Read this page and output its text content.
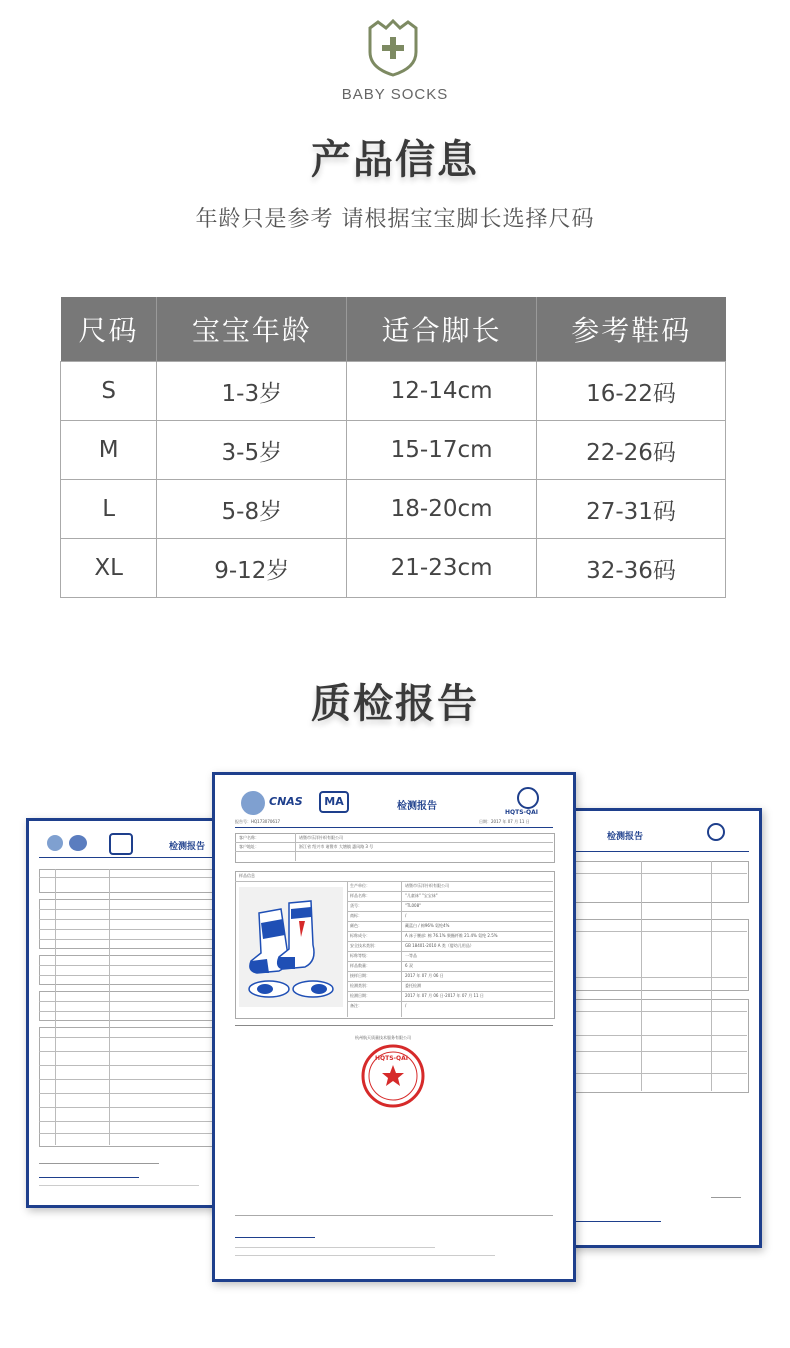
BABY SOCKS
产品信息
年龄只是参考 请根据宝宝脚长选择尺码
尺码	宝宝年龄	适合脚长	参考鞋码
S	1-3岁	12-14cm	16-22码
M	3-5岁	15-17cm	22-26码
L	5-8岁	18-20cm	27-31码
XL	9-12岁	21-23cm	32-36码
质检报告
检测报告
检测报告
CNAS	MA	检测报告
HQTS-QAI
报告号：HQ173070617	日期：2017 年 07 月 11 日
客户名称：	诸暨市乐洋针织有限公司
客户地址：	浙江省 绍兴市 诸暨市 大塘镇 惠风路 3 号
样品信息
生产单位：	诸暨市乐洋针织有限公司
样品名称：	"儿童袜" "宝宝袜"
货号：	"TL008"
商标：	/
颜色：	藏蓝白 / 棉96% 氨纶4%
标称成分：	A 袜子腰部: 棉 76.1% 聚酯纤维 21.4% 氨纶 2.5%
安全技术类别：	GB 18401-2010 A 类（婴幼儿用品）
标称等级：	一等品
样品数量：	6 双
接样日期：	2017 年 07 月 06 日
检测类别：	委托检测
检测日期：	2017 年 07 月 06 日-2017 年 07 月 11 日
备注：	/
杭州航天质量技术服务有限公司
HQTS-QAI
